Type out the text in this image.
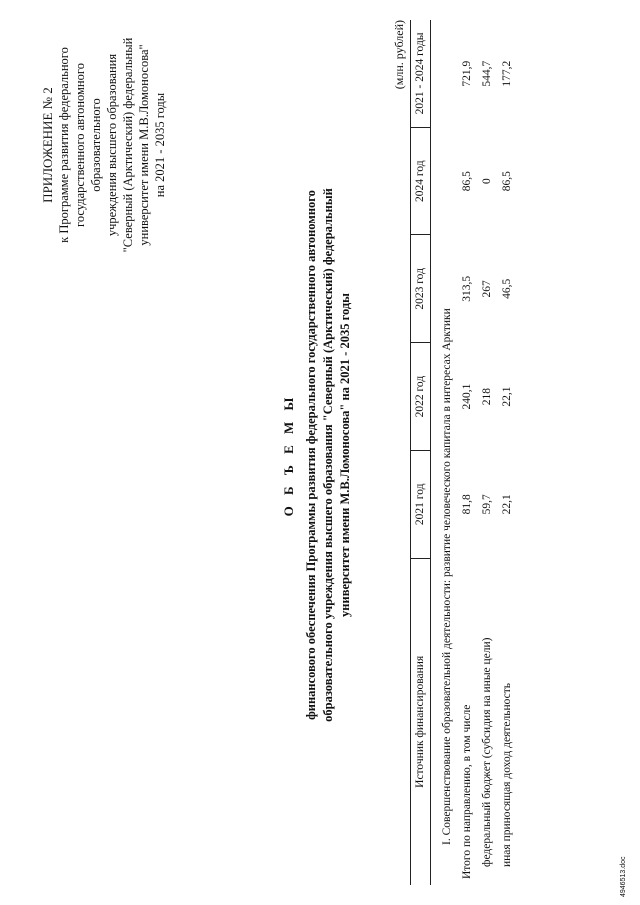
ПРИЛОЖЕНИЕ № 2 к Программе развития федерального государственного автономного образовательного учреждения высшего образования "Северный (Арктический) федеральный университет имени М.В.Ломоносова" на 2021 - 2035 годы
О Б Ъ Е М Ы финансового обеспечения Программы развития федерального государственного автономного образовательного учреждения высшего образования "Северный (Арктический) федеральный университет имени М.В.Ломоносова" на 2021 - 2035 годы
(млн. рублей)
Источник финансирования	2021 год	2022 год	2023 год	2024 год	2021 - 2024 годы
I. Совершенствование образовательной деятельности: развитие человеческого капитала в интересах Арктики					
Итого по направлению, в том числе	81,8	240,1	313,5	86,5	721,9
федеральный бюджет (субсидия на иные цели)	59,7	218	267	0	544,7
иная приносящая доход деятельность	22,1	22,1	46,5	86,5	177,2
4946513.doc
